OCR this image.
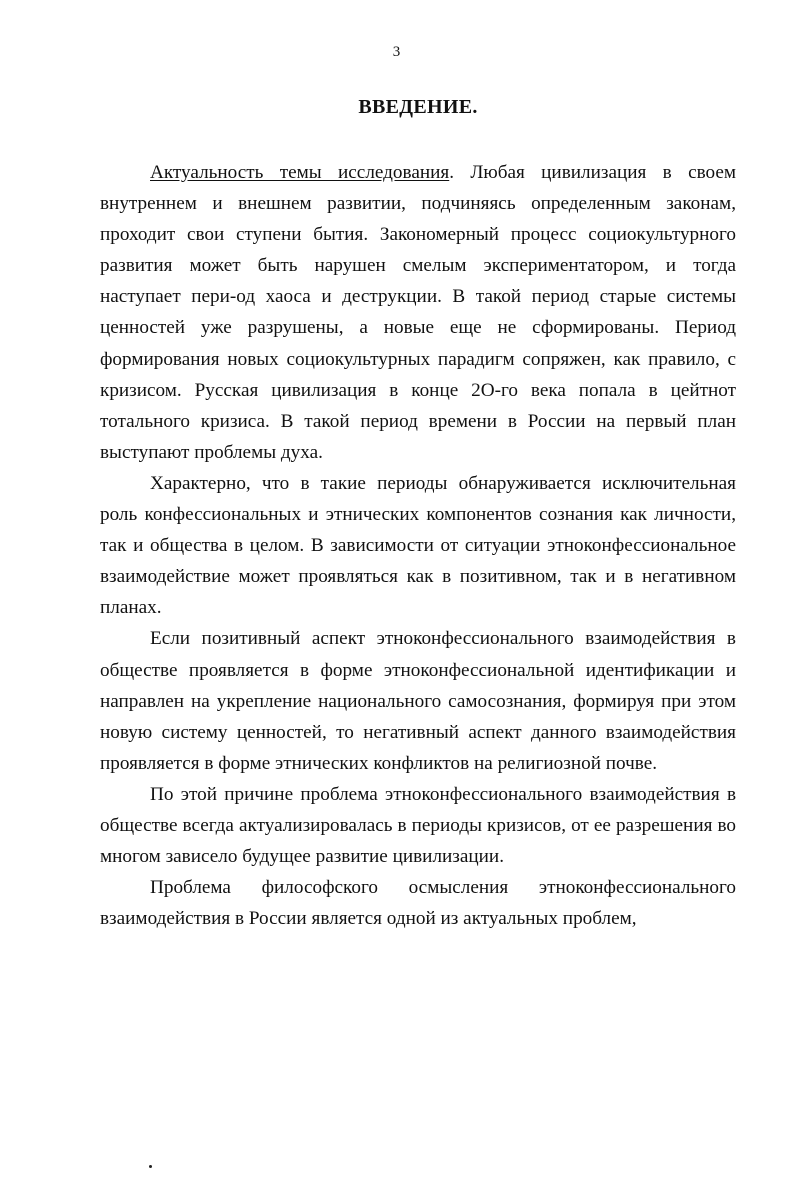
3
ВВЕДЕНИЕ.

Актуальность темы исследования. Любая цивилизация в своем внутреннем и внешнем развитии, подчиняясь определенным законам, проходит свои ступени бытия. Закономерный процесс социокультурного развития может быть нарушен смелым экспериментатором, и тогда наступает пери-од хаоса и деструкции. В такой период старые системы ценностей уже разрушены, а новые еще не сформированы. Период формирования новых социокультурных парадигм сопряжен, как правило, с кризисом. Русская цивилизация в конце 2О-го века попала в цейтнот тотального кризиса. В такой период времени в России на первый план выступают проблемы духа.

Характерно, что в такие периоды обнаруживается исключительная роль конфессиональных и этнических компонентов сознания как личности, так и общества в целом. В зависимости от ситуации этноконфессиональное взаимодействие может проявляться как в позитивном, так и в негативном планах.

Если позитивный аспект этноконфессионального взаимодействия в обществе проявляется в форме этноконфессиональной идентификации и направлен на укрепление национального самосознания, формируя при этом новую систему ценностей, то негативный аспект данного взаимодействия проявляется в форме этнических конфликтов на религиозной почве.

По этой причине проблема этноконфессионального взаимодействия в обществе всегда актуализировалась в периоды кризисов, от ее разрешения во многом зависело будущее развитие цивилизации.

Проблема философского осмысления этноконфессионального взаимодействия в России является одной из актуальных проблем,
